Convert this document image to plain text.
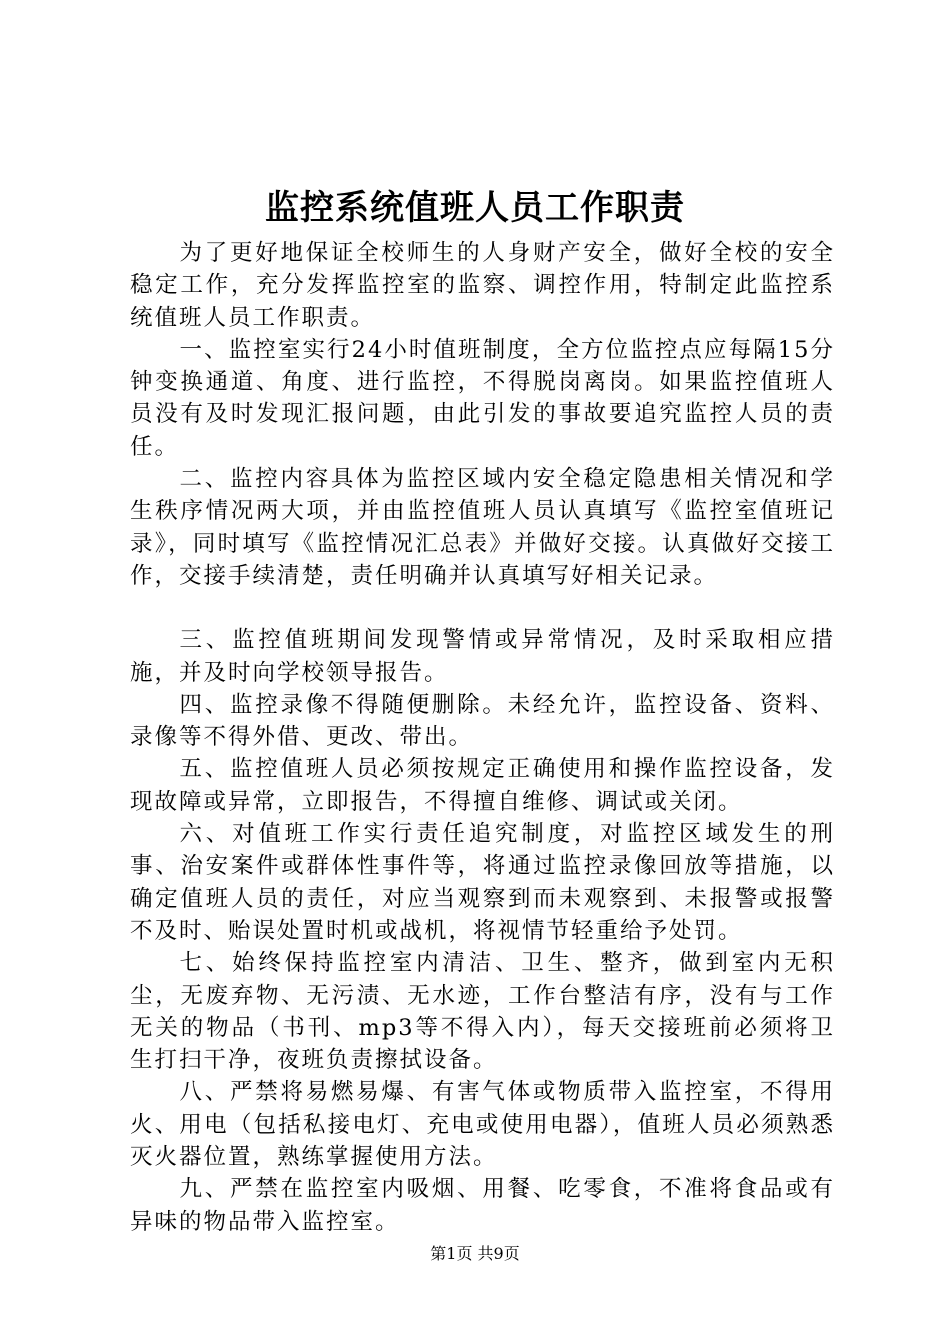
监控系统值班人员工作职责

为了更好地保证全校师生的人身财产安全，做好全校的安全稳定工作，充分发挥监控室的监察、调控作用，特制定此监控系统值班人员工作职责。

一、监控室实行24小时值班制度，全方位监控点应每隔15分钟变换通道、角度、进行监控，不得脱岗离岗。如果监控值班人员没有及时发现汇报问题，由此引发的事故要追究监控人员的责任。

二、监控内容具体为监控区域内安全稳定隐患相关情况和学生秩序情况两大项，并由监控值班人员认真填写《监控室值班记录》，同时填写《监控情况汇总表》并做好交接。认真做好交接工作，交接手续清楚，责任明确并认真填写好相关记录。

三、监控值班期间发现警情或异常情况，及时采取相应措施，并及时向学校领导报告。

四、监控录像不得随便删除。未经允许，监控设备、资料、录像等不得外借、更改、带出。

五、监控值班人员必须按规定正确使用和操作监控设备，发现故障或异常，立即报告，不得擅自维修、调试或关闭。

六、对值班工作实行责任追究制度，对监控区域发生的刑事、治安案件或群体性事件等，将通过监控录像回放等措施，以确定值班人员的责任，对应当观察到而未观察到、未报警或报警不及时、贻误处置时机或战机，将视情节轻重给予处罚。

七、始终保持监控室内清洁、卫生、整齐，做到室内无积尘，无废弃物、无污渍、无水迹，工作台整洁有序，没有与工作无关的物品（书刊、mp3等不得入内），每天交接班前必须将卫生打扫干净，夜班负责擦拭设备。

八、严禁将易燃易爆、有害气体或物质带入监控室，不得用火、用电（包括私接电灯、充电或使用电器），值班人员必须熟悉灭火器位置，熟练掌握使用方法。

九、严禁在监控室内吸烟、用餐、吃零食，不准将食品或有异味的物品带入监控室。

第1页 共9页
